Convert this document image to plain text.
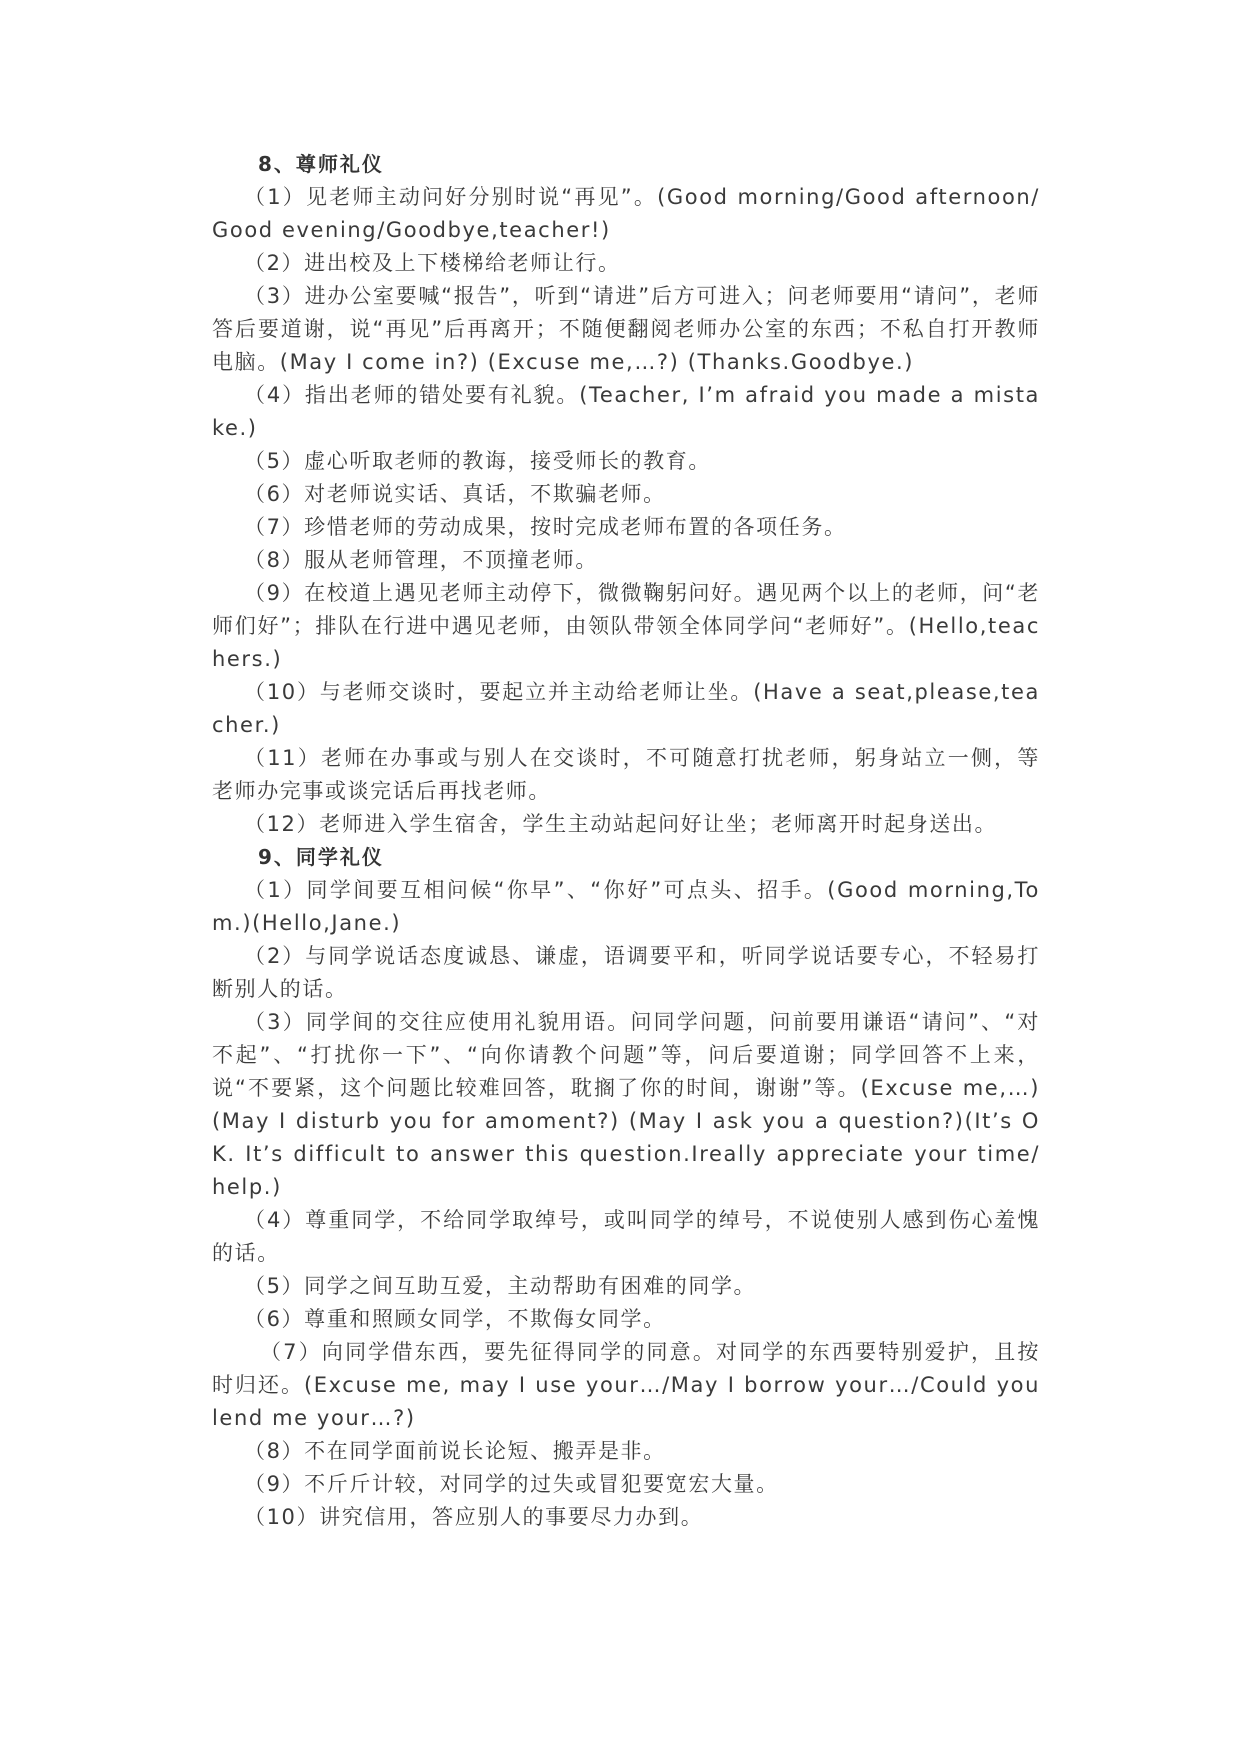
8、尊师礼仪
（1）见老师主动问好分别时说“再见”。(Good morning/Good afternoon/Good evening/Goodbye,teacher!)
（2）进出校及上下楼梯给老师让行。
（3）进办公室要喊“报告”，听到“请进”后方可进入；问老师要用“请问”，老师答后要道谢，说“再见”后再离开；不随便翻阅老师办公室的东西；不私自打开教师电脑。(May I come in?) (Excuse me,…?) (Thanks.Goodbye.)
（4）指出老师的错处要有礼貌。(Teacher, I’m afraid you made a mistake.)
（5）虚心听取老师的教诲，接受师长的教育。
（6）对老师说实话、真话，不欺骗老师。
（7）珍惜老师的劳动成果，按时完成老师布置的各项任务。
（8）服从老师管理，不顶撞老师。
（9）在校道上遇见老师主动停下，微微鞠躬问好。遇见两个以上的老师，问“老师们好”；排队在行进中遇见老师，由领队带领全体同学问“老师好”。(Hello,teachers.)
（10）与老师交谈时，要起立并主动给老师让坐。(Have a seat,please,teacher.)
（11）老师在办事或与别人在交谈时，不可随意打扰老师，躬身站立一侧，等老师办完事或谈完话后再找老师。
（12）老师进入学生宿舍，学生主动站起问好让坐；老师离开时起身送出。
9、同学礼仪
（1）同学间要互相问候“你早”、“你好”可点头、招手。(Good morning,Tom.)(Hello,Jane.)
（2）与同学说话态度诚恳、谦虚，语调要平和，听同学说话要专心，不轻易打断别人的话。
（3）同学间的交往应使用礼貌用语。问同学问题，问前要用谦语“请问”、“对不起”、“打扰你一下”、“向你请教个问题”等，问后要道谢；同学回答不上来，说“不要紧，这个问题比较难回答，耽搁了你的时间，谢谢”等。(Excuse me,…) (May I disturb you for amoment?) (May I ask you a question?)(It’s OK. It’s difficult to answer this question.Ireally appreciate your time/help.)
（4）尊重同学，不给同学取绰号，或叫同学的绰号，不说使别人感到伤心羞愧的话。
（5）同学之间互助互爱，主动帮助有困难的同学。
（6）尊重和照顾女同学，不欺侮女同学。
（7）向同学借东西，要先征得同学的同意。对同学的东西要特别爱护，且按时归还。(Excuse me, may I use your…/May I borrow your…/Could you lend me your…?)
（8）不在同学面前说长论短、搬弄是非。
（9）不斤斤计较，对同学的过失或冒犯要宽宏大量。
（10）讲究信用，答应别人的事要尽力办到。
